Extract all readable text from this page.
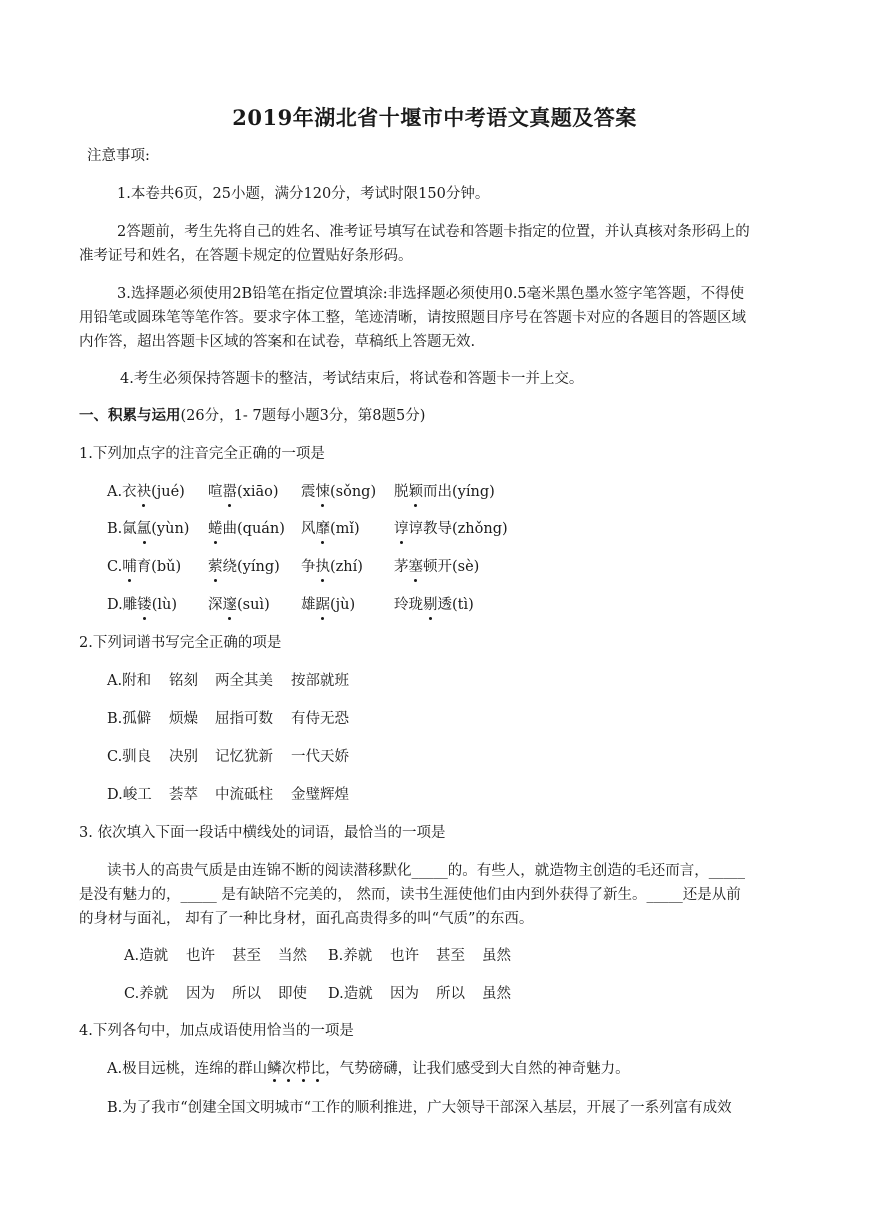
2019年湖北省十堰市中考语文真题及答案
注意事项:
1.本卷共6页，25小题，满分120分，考试时限150分钟。
2答题前，考生先将自己的姓名、准考证号填写在试卷和答题卡指定的位置，并认真核对条形码上的
准考证号和姓名，在答题卡规定的位置贴好条形码。
3.选择题必须使用2B铅笔在指定位置填涂:非选择题必须使用0.5毫米黑色墨水签字笔答题，不得使
用铅笔或圆珠笔等笔作答。要求字体工整，笔迹清晰，请按照题目序号在答题卡对应的各题目的答题区域
内作答，超出答题卡区域的答案和在试卷，草稿纸上答题无效.
4.考生必须保持答题卡的整洁，考试结束后，将试卷和答题卡一并上交。
一、积累与运用(26分，1- 7题每小题3分，第8题5分)
1.下列加点字的注音完全正确的一项是
A.衣袂(jué) 喧嚣(xiāo) 震悚(sǒng) 脱颖而出(yíng)
B.氤氲(yùn) 蜷曲(quán) 风靡(mǐ) 谆谆教导(zhǒng)
C.哺育(bǔ) 萦绕(yíng) 争执(zhí) 茅塞顿开(sè)
D.雕镂(lù) 深邃(suì) 雄踞(jù)	玲珑剔透(tì)
2.下列词谱书写完全正确的项是
A.附和 铭刻 两全其美 按部就班
B.孤僻 烦燥 屈指可数 有侍无恐
C.驯良 决别 记忆犹新 一代天娇
D.峻工 荟萃 中流砥柱 金璧辉煌
3. 依次填入下面一段话中横线处的词语，最恰当的一项是
读书人的高贵气质是由连锦不断的阅读潜移默化_____的。有些人，就造物主创造的毛还而言，_____
是没有魅力的，_____ 是有缺陪不完美的， 然而，读书生涯使他们由内到外获得了新生。_____还是从前
的身材与面礼， 却有了一种比身材，面孔高贵得多的叫“气质”的东西。
A.造就 也许 甚至 当然 B.养就 也许 甚至 虽然
C.养就 因为 所以 即使 D.造就 因为 所以 虽然
4.下列各句中，加点成语使用恰当的一项是
A.极目远桃，连绵的群山鳞次栉比，气势磅礴，让我们感受到大自然的神奇魅力。
B.为了我市“创建全国文明城市“工作的顺利推进，广大领导干部深入基层，开展了一系列富有成效
